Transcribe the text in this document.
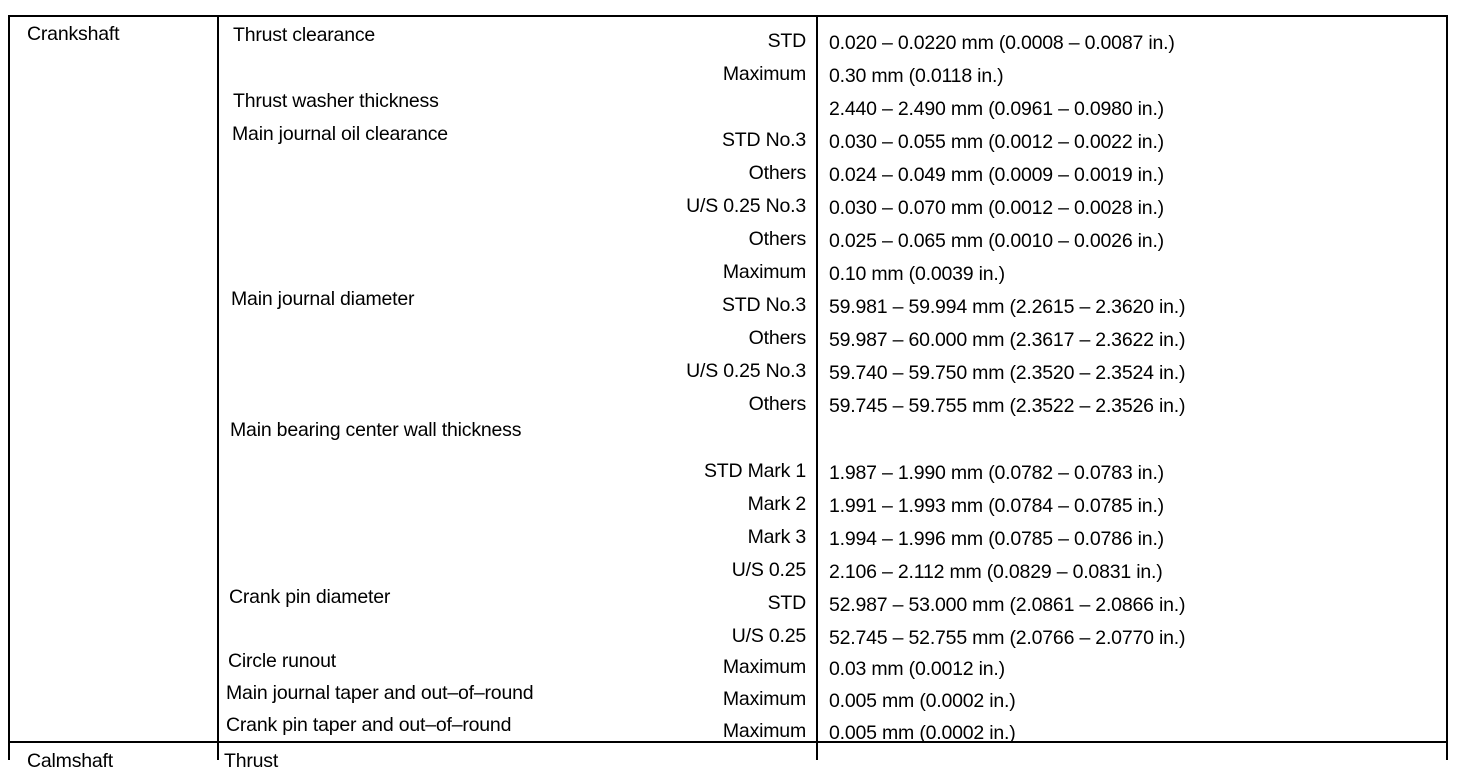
Crankshaft	Thrust clearance	STD 0.020 – 0.0220 mm (0.0008 – 0.0087 in.)
Maximum 0.30 mm (0.0118 in.)
Thrust washer thickness	2.440 – 2.490 mm (0.0961 – 0.0980 in.)
Main journal oil clearance	STD No.3 0.030 – 0.055 mm (0.0012 – 0.0022 in.)
Others 0.024 – 0.049 mm (0.0009 – 0.0019 in.)
U/S 0.25 No.3 0.030 – 0.070 mm (0.0012 – 0.0028 in.)
Others 0.025 – 0.065 mm (0.0010 – 0.0026 in.)
Maximum 0.10 mm (0.0039 in.)
Main journal diameter	STD No.3 59.981 – 59.994 mm (2.2615 – 2.3620 in.)
Others 59.987 – 60.000 mm (2.3617 – 2.3622 in.)
U/S 0.25 No.3 59.740 – 59.750 mm (2.3520 – 2.3524 in.)
Others 59.745 – 59.755 mm (2.3522 – 2.3526 in.)
Main bearing center wall thickness
STD Mark 1 1.987 – 1.990 mm (0.0782 – 0.0783 in.)
Mark 2 1.991 – 1.993 mm (0.0784 – 0.0785 in.)
Mark 3 1.994 – 1.996 mm (0.0785 – 0.0786 in.)
U/S 0.25 2.106 – 2.112 mm (0.0829 – 0.0831 in.)
Crank pin diameter	STD 52.987 – 53.000 mm (2.0861 – 2.0866 in.)
U/S 0.25 52.745 – 52.755 mm (2.0766 – 2.0770 in.)
Circle runout	Maximum 0.03 mm (0.0012 in.)
Main journal taper and out–of–round	Maximum 0.005 mm (0.0002 in.)
Crank pin taper and out–of–round	Maximum 0.005 mm (0.0002 in.)
Calmshaft	Thrust
